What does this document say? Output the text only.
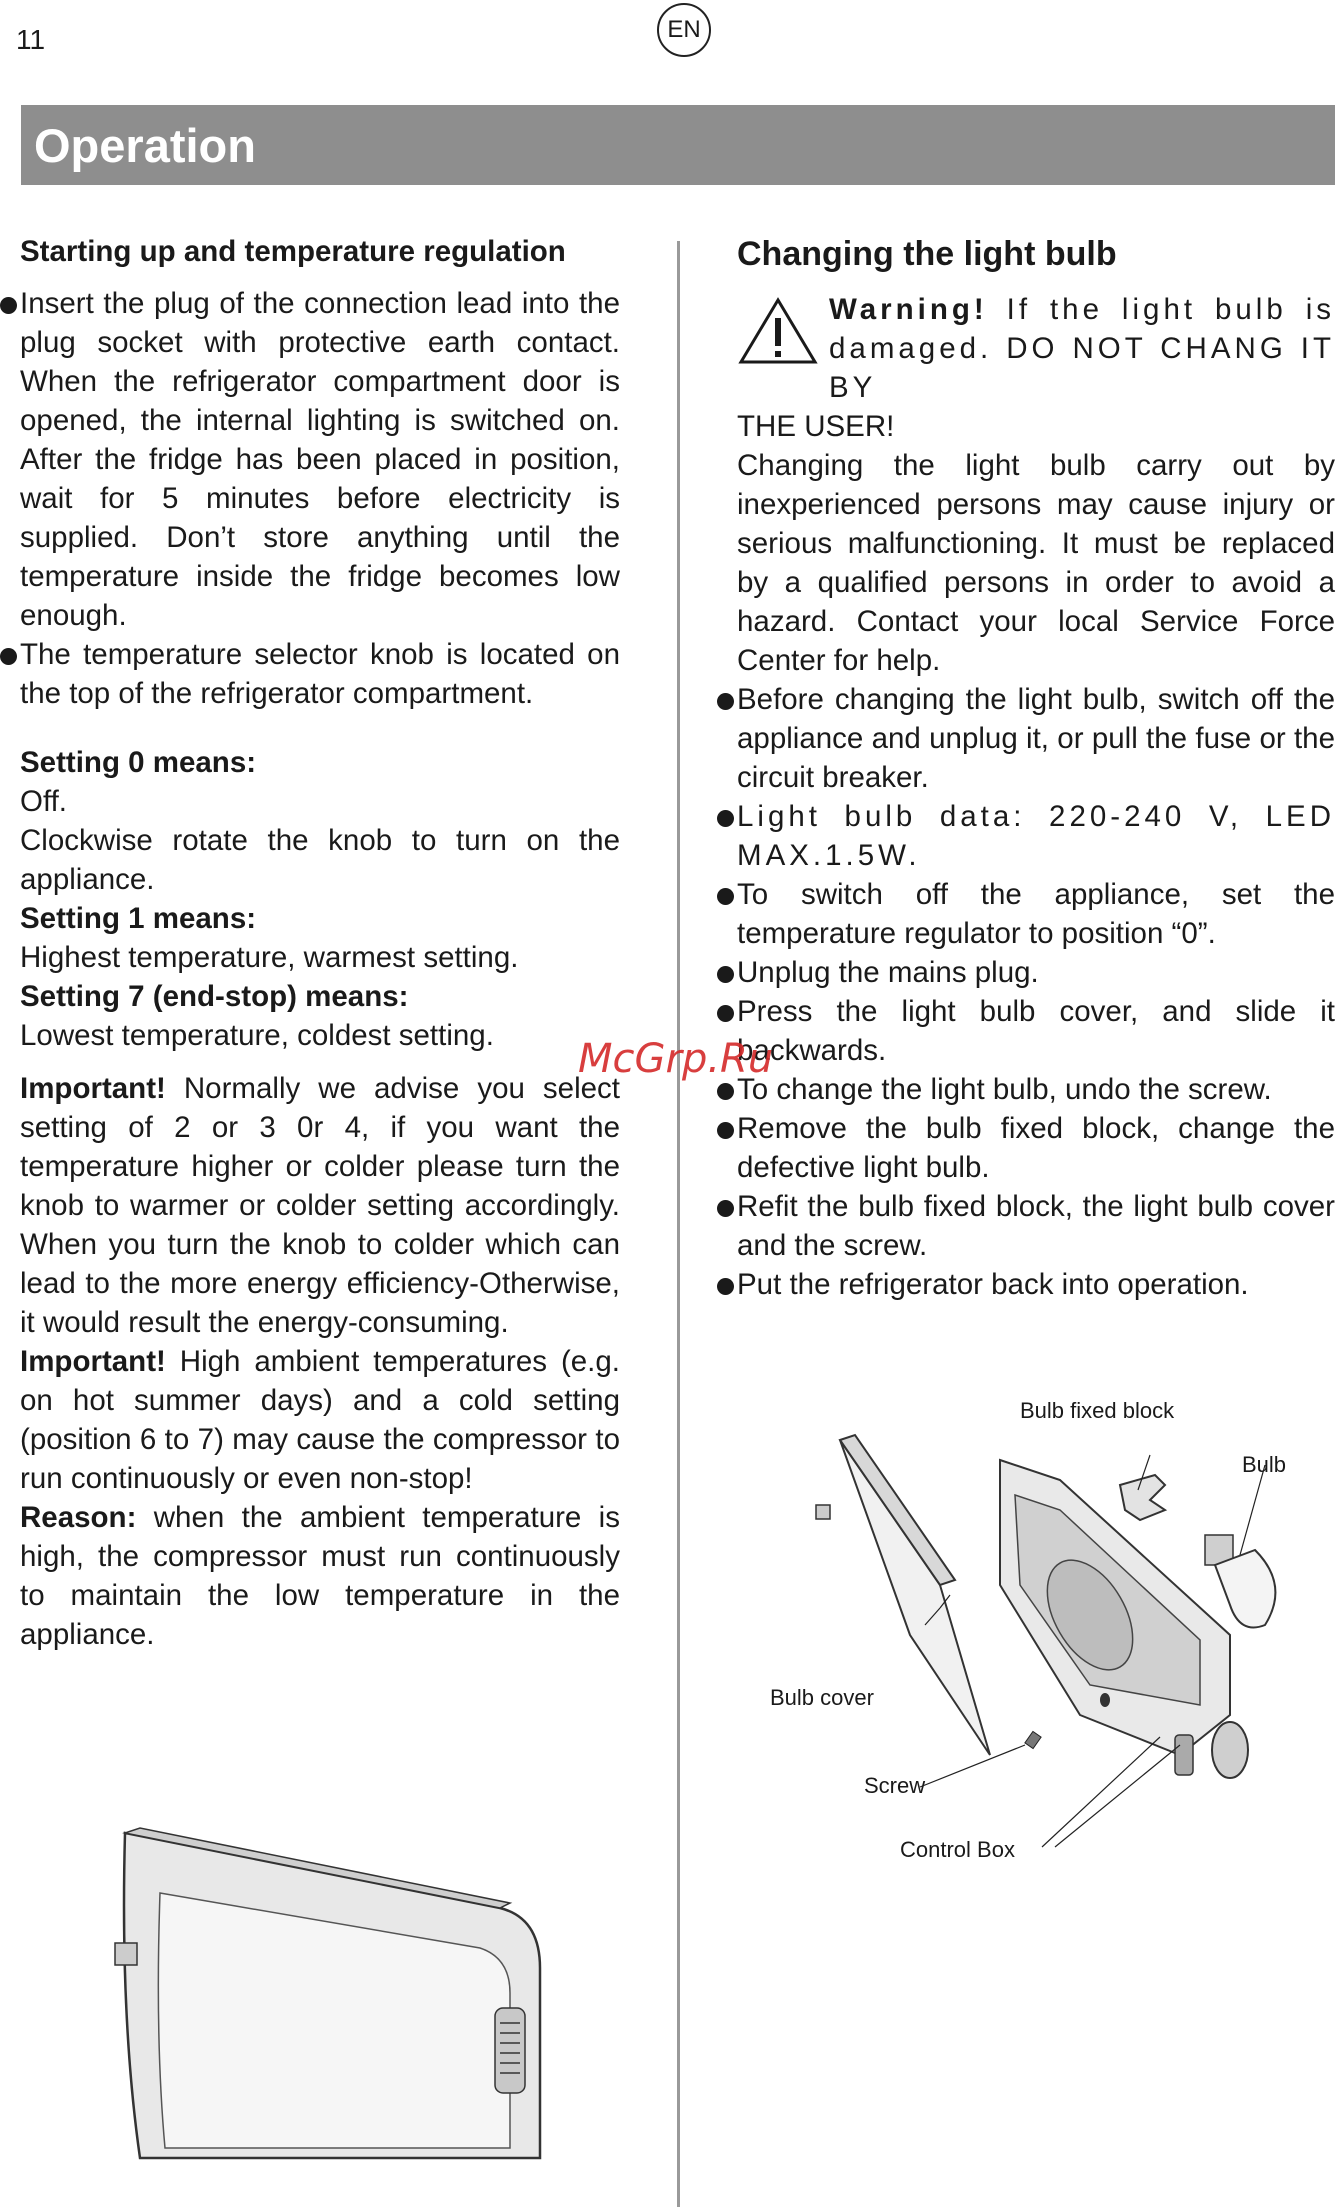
11	EN
Operation
Starting up and temperature regulation
Insert the plug of the connection lead into the plug socket with protective earth contact. When the refrigerator compartment door is opened, the internal lighting is switched on. After the fridge has been placed in position, wait for 5 minutes before electricity is supplied. Don’t store anything until the temperature inside the fridge becomes low enough.
The temperature selector knob is located on the top of the refrigerator compartment.
Setting 0 means:
Off.
Clockwise rotate the knob to turn on the appliance.
Setting 1 means:
Highest temperature, warmest setting.
Setting 7 (end-stop) means:
Lowest temperature, coldest setting.
Important! Normally we advise you select setting of 2 or 3 0r 4, if you want the temperature higher or colder please turn the knob to warmer or colder setting accordingly. When you turn the knob to colder which can lead to the more energy efficiency-Otherwise, it would result the energy-consuming.
Important! High ambient temperatures (e.g. on hot summer days) and a cold setting (position 6 to 7) may cause the compressor to run continuously or even non-stop!
Reason: when the ambient temperature is high, the compressor must run continuously to maintain the low temperature in the appliance.
Changing the light bulb
Warning! If the light bulb is damaged. DO NOT CHANG IT BY
THE USER!
Changing the light bulb carry out by inexperienced persons may cause injury or serious malfunctioning. It must be replaced by a qualified persons in order to avoid a hazard. Contact your local Service Force Center for help.
Before changing the light bulb, switch off the appliance and unplug it, or pull the fuse or the circuit breaker.
Light bulb data: 220-240 V, LED MAX.1.5W.
To switch off the appliance, set the temperature regulator to position “0”.
Unplug the mains plug.
Press the light bulb cover, and slide it backwards.
To change the light bulb, undo the screw.
Remove the bulb fixed block, change the defective light bulb.
Refit the bulb fixed block, the light bulb cover and the screw.
Put the refrigerator back into operation.
McGrp.Ru
Bulb fixed block
Bulb
Bulb cover
Screw
Control Box
